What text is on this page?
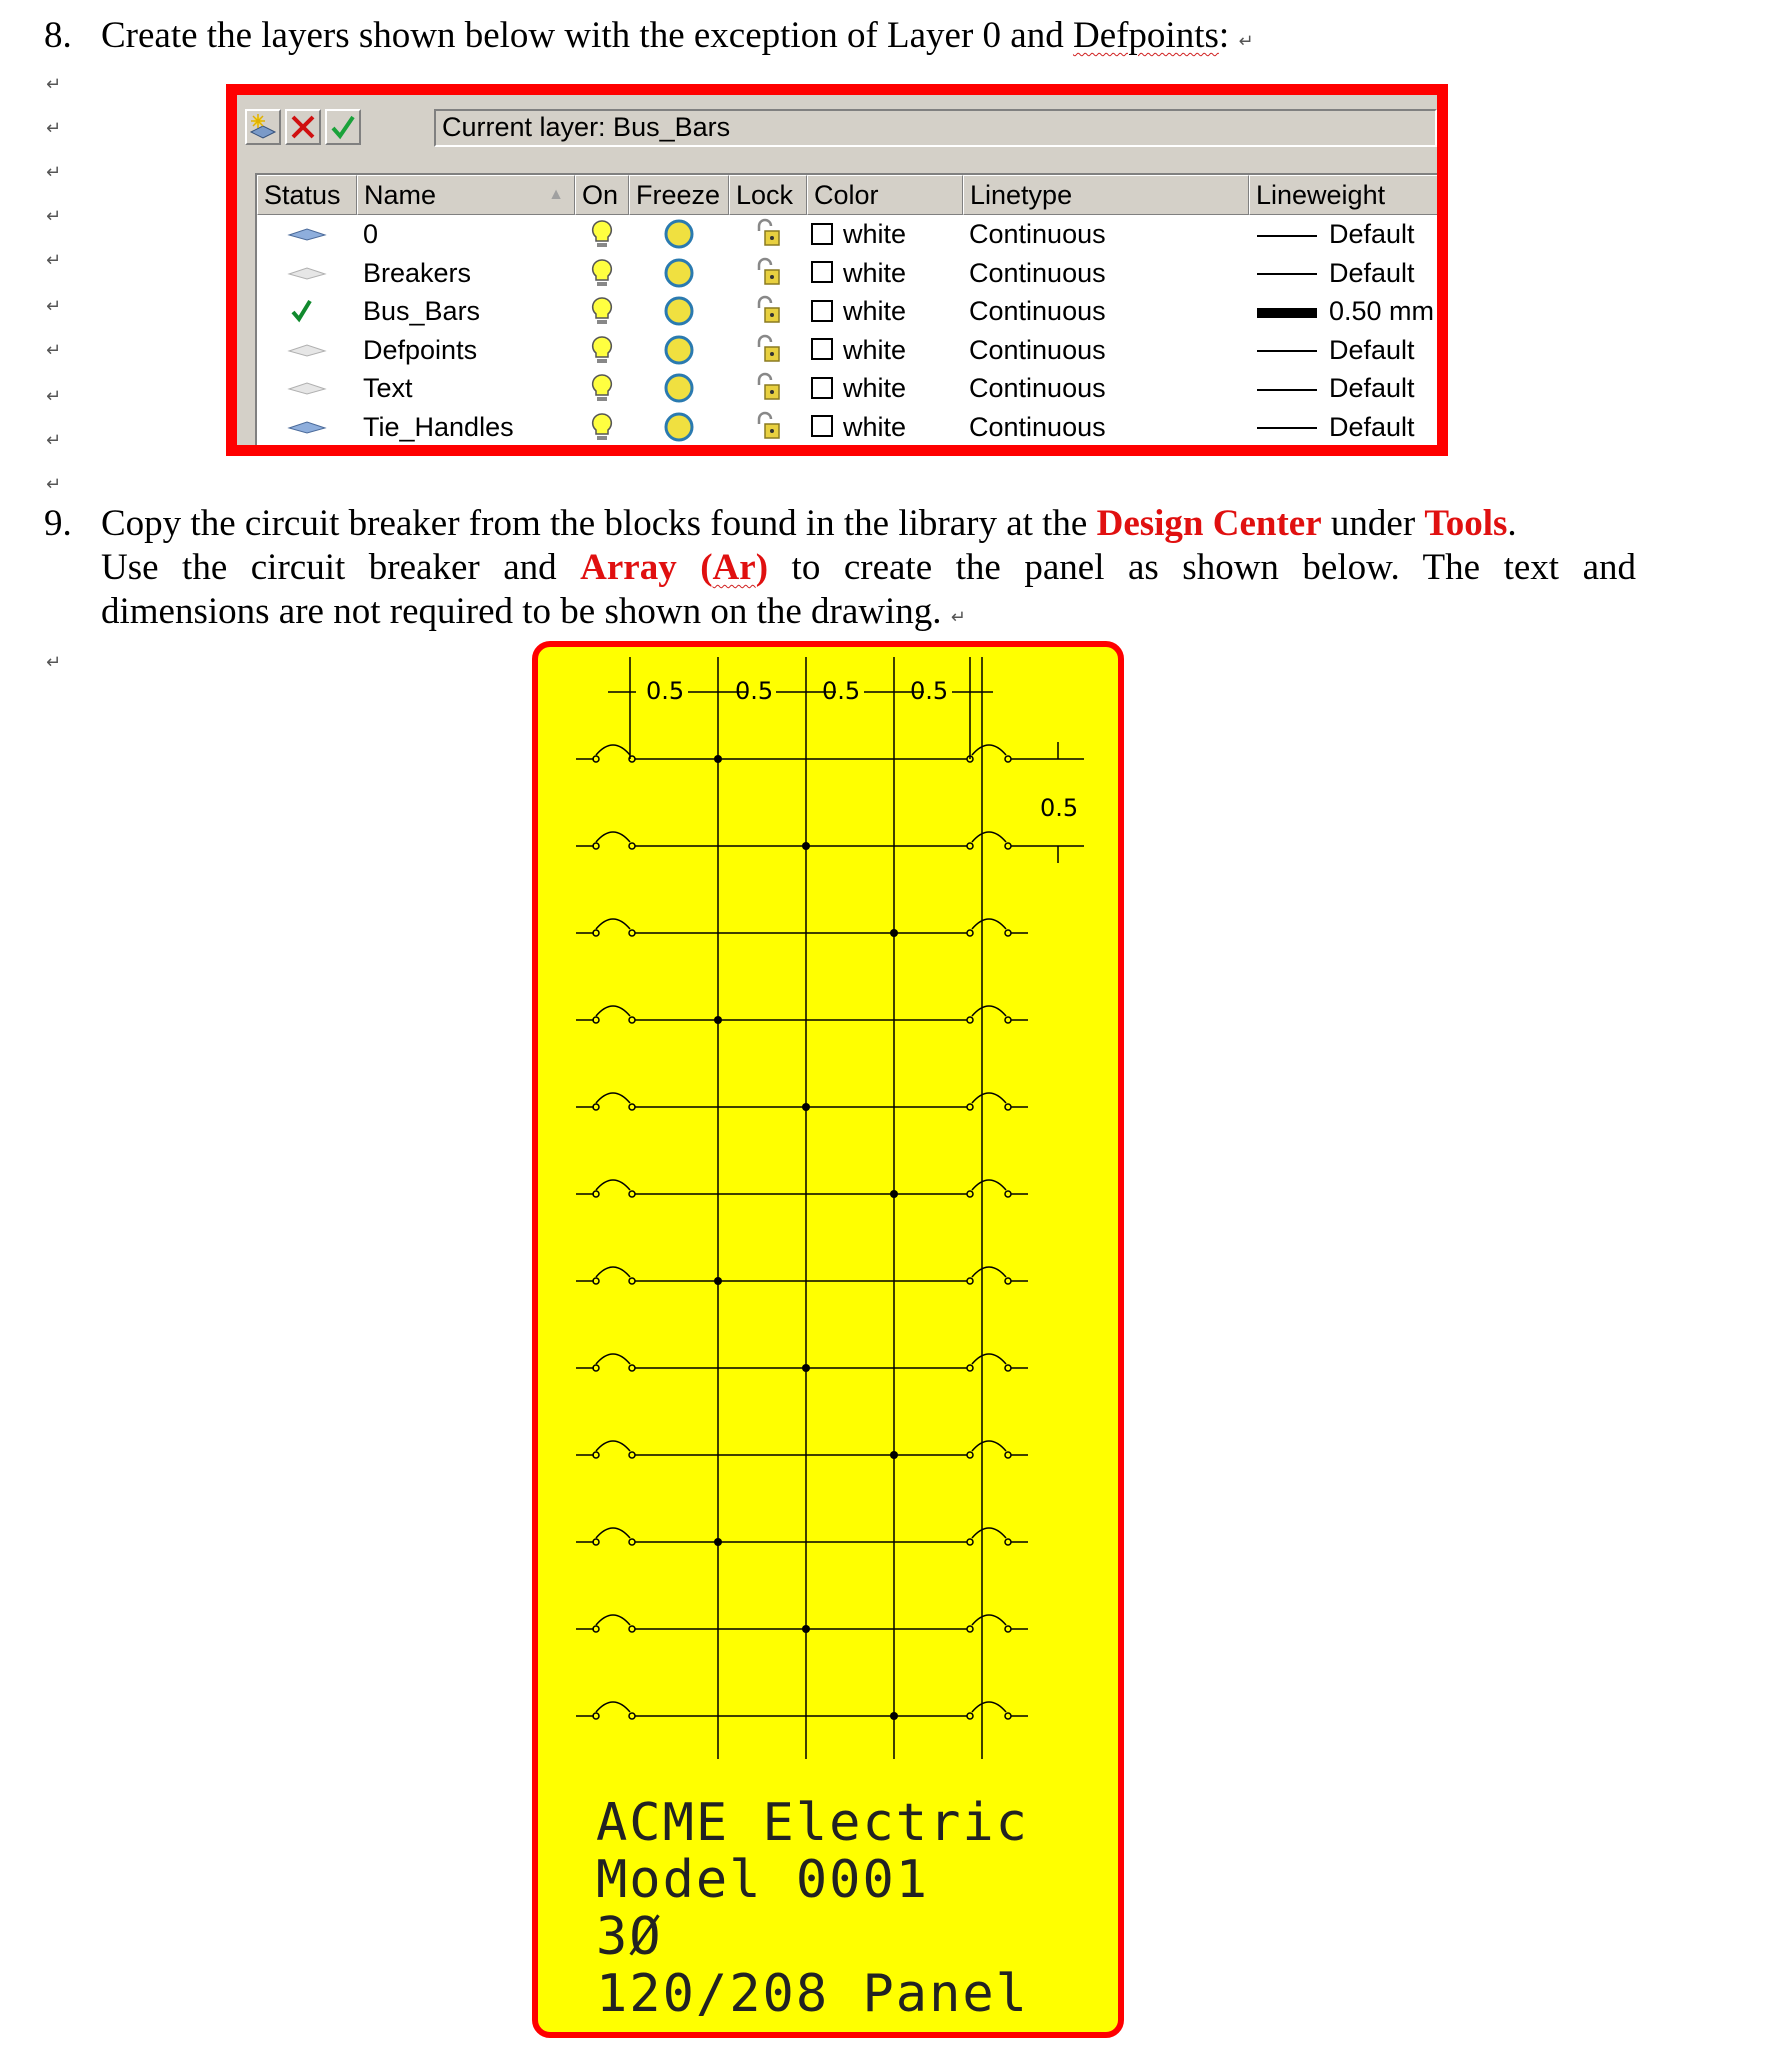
8. Create the layers shown below with the exception of Layer 0 and Defpoints: ↵
↵
↵
↵
↵
↵
↵
↵
↵
↵
↵
↵
Current layer: Bus_Bars
Status Name	▲ On Freeze Lock Color	Linetype	Lineweight
0	white	Continuous	Default
Breakers	white	Continuous	Default
Bus_Bars	white	Continuous	0.50 mm
Defpoints	white	Continuous	Default
Text	white	Continuous	Default
Tie_Handles	white	Continuous	Default
9. Copy the circuit breaker from the blocks found in the library at the Design Center under Tools.
Use the circuit breaker and Array (Ar) to create the panel as shown below. The text and
dimensions are not required to be shown on the drawing. ↵
0.5 0.5 0.5 0.5
0.5
ACME Electric
Model 0001
3Ø
120/208 Panel
